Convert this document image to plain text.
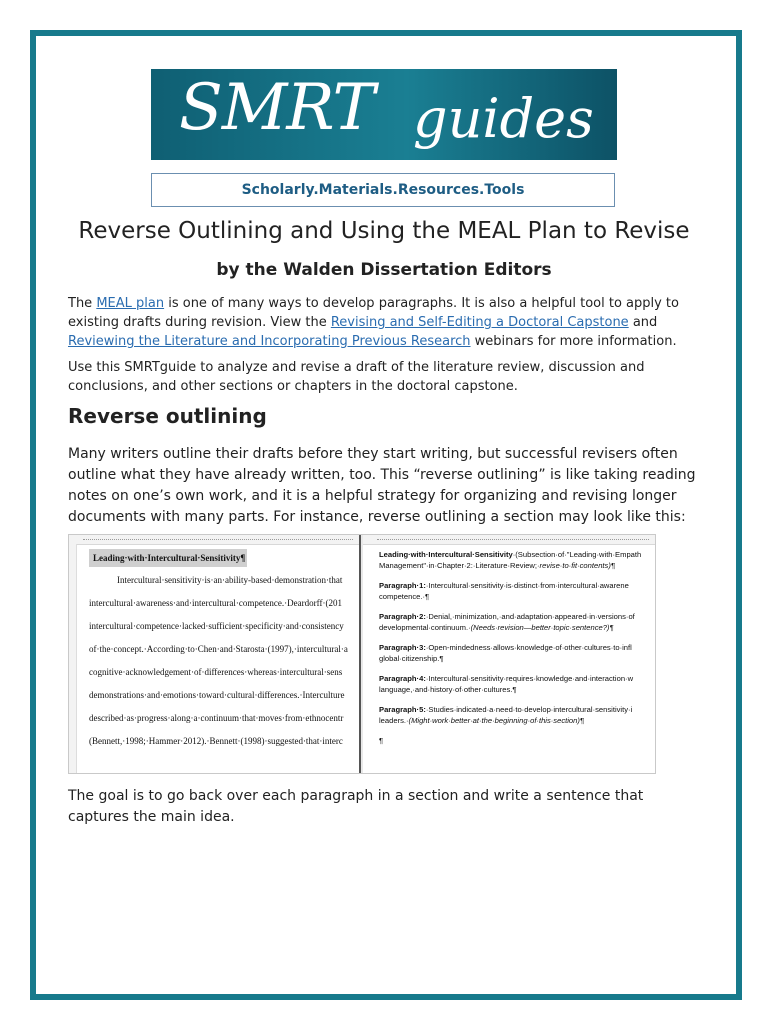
SMRT guides
Scholarly.Materials.Resources.Tools
Reverse Outlining and Using the MEAL Plan to Revise
by the Walden Dissertation Editors
The MEAL plan is one of many ways to develop paragraphs. It is also a helpful tool to apply to existing drafts during revision. View the Revising and Self-Editing a Doctoral Capstone and Reviewing the Literature and Incorporating Previous Research webinars for more information.
Use this SMRTguide to analyze and revise a draft of the literature review, discussion and conclusions, and other sections or chapters in the doctoral capstone.
Reverse outlining
Many writers outline their drafts before they start writing, but successful revisers often outline what they have already written, too. This “reverse outlining” is like taking reading notes on one’s own work, and it is a helpful strategy for organizing and revising longer documents with many parts. For instance, reverse outlining a section may look like this:
Leading·with·Intercultural·Sensitivity¶
Intercultural·sensitivity·is·an·ability-based·demonstration·that
intercultural·awareness·and·intercultural·competence.·Deardorff·(201
intercultural·competence·lacked·sufficient·specificity·and·consistency
of·the·concept.·According·to·Chen·and·Starosta·(1997),·intercultural·a
cognitive·acknowledgement·of·differences·whereas·intercultural·sens
demonstrations·and·emotions·toward·cultural·differences.·Interculture
described·as·progress·along·a·continuum·that·moves·from·ethnocentr
(Bennett,·1998;·Hammer·2012).·Bennett·(1998)·suggested·that·interc
Leading·with·Intercultural·Sensitivity·(Subsection·of·"Leading·with·Empath
Management"·in·Chapter·2:·Literature·Review;·revise·to·fit·contents)¶
Paragraph·1:·Intercultural·sensitivity·is·distinct·from·intercultural·awarene
competence.·¶
Paragraph·2:·Denial,·minimization,·and·adaptation·appeared·in·versions·of
developmental·continuum.·(Needs·revision—better·topic·sentence?)¶
Paragraph·3:·Open-mindedness·allows·knowledge·of·other·cultures·to·infl
global·citizenship.¶
Paragraph·4:·Intercultural·sensitivity·requires·knowledge·and·interaction·w
language,·and·history·of·other·cultures.¶
Paragraph·5:·Studies·indicated·a·need·to·develop·intercultural·sensitivity·i
leaders.·(Might·work·better·at·the·beginning·of·this·section)¶
¶
The goal is to go back over each paragraph in a section and write a sentence that captures the main idea.
